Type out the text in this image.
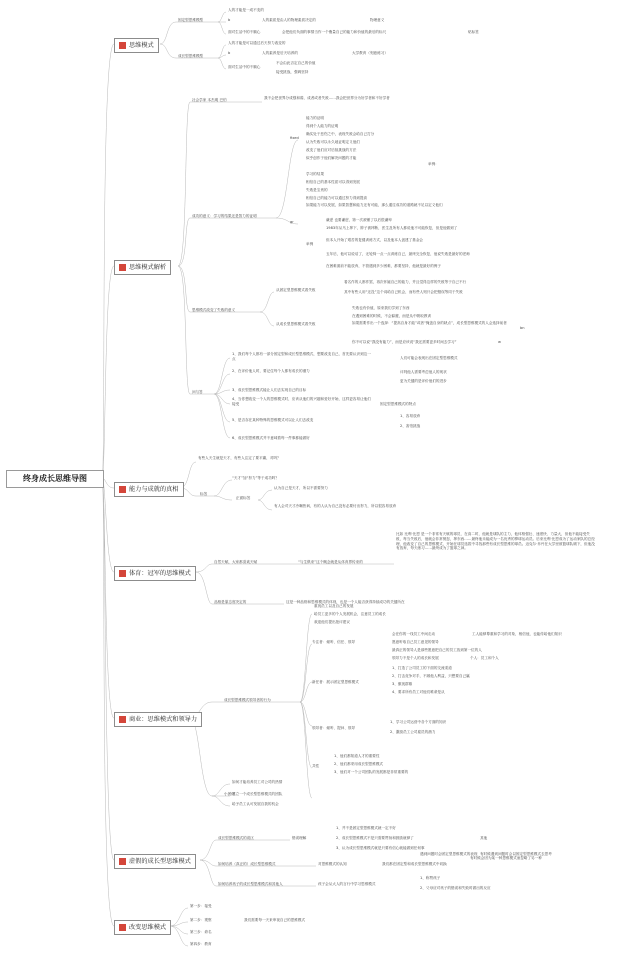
终身成长思维导图
思维模式
思维模式解析
能力与成就的真相
体育：冠军的思维模式
商业：思维模式和领导力
虚假的成长型思维模式
改变思维模式
固定型思维模型
人的才能是一成不变的
b	人的素质是由人的物理素质决定的	物理意义
面对生活中的不顺心	会把他们负面的事情当作一个衡量自己的能力和价值的最后的标尺	贴标签
成长型思维模型
人的才能是可以通过后天努力改变的
b	人的素养是后天培养的	大学教育（刻意练习）
面对生活中的不顺心
不会由此否定自己的价值
接受挑战，强调坚持
社会学家 本杰明 巴伯	我不会把世界分成强和弱，成者或者失败……我会把世界分为好学者和不好学者
成功的意义：学习的结果还是智力的证明
fixed
能力的证明
得到个人能力的证明
确实处于悲伤之中，表现失败会给自己打分
认为失败可以永久地证明定义他们
改变了他们应对后续挑战的方法
似乎创作于他们解决问题的才能
举例：
gr
学习的结果
相信自己的基本性质可以得到发展
失败是宝贵的
相信自己的能力可以通过努力得到提高
如果能力可以发展，如果智慧和能力还有可能，那么通往成功的道路就不足以定义他们
举例
谦虚 也要谦虚，第一次被锤了以后很谦卑
1983年从马上摔下，脖子被摔断，医生及所有人都说他不可能恢复，但是他做到了
但本人开始了艰苦的复健训练方式，以及他本人创建了基金会
五年后，他可以说话了，无轮椅一点一点训练自己，最终完全恢复，他说失败是最好的老师
在困难面前不能放弃，不管遇到多少困难，都要坚持，他就是最好的例子
思维模式改变了失败的意义
从固定型思维模式看失败
看名作的人都作罢，再次怀疑自己的能力，并且觉得这样的失败等于自己不行
其中有些人用“还没”这个词给自己机会，而有些人则只会把错误等同于失败
从成长型思维模式看失败
失败也有价值，原来我们学到了东西
在遇到困难的时候，不会躲避，而是从中吸取教训
如果需要作出一个选择：“提高自身才能”或者“掩盖自身的缺点”，成长型思维模式的人会选择前者
bn
你不可以说“我没有能力”，而是应该说“我还需要更多时间去学习”	w
问与答
1、我们每个人都有一部分固定型和成长型思维模式，想要改变自己，首先要认识到这一点	人们可能会表现出在固定型思维模式
2、在评价他人时，要记住每个人都有成长的潜力	评判他人需要考虑他人的现状
更为关键的是评价他们的进步
3、成长型思维模式能让人们去实现自己的目标
4、当你想改变一个人的思维模式时，应该从他们的兴趣和爱好开始，这样更容易让他们接受	固定型思维模式的特点
1、容易放弃
2、害怕挑战
5、是否存在某种特殊的思维模式可以让人们去改变
6、成长型思维模式并不意味着每一件事都能做好
有些人天生就是天才，有些人注定了要平庸，对吗？
“天才”加“努力”等于成功吗？
标签
正面标签
认为自己是天才，所以不需要努力
有人会对天才冷嘲热讽，有的人认为自己没有必要付出努力，所以很容易放弃
自然天赋，大家都喜欢天赋	“与生俱来”这个概念就是从体育界传来的
比如 比利·比恩 是一个非常有天赋的球员，在高二时，他就是球队的主力，他体格强壮、速度快、力量大，但他不能接受失败，每当失败后，他就会非常愤怒，摔东西……最终他未能成为一名优秀的棒球运动员。后来比利·比恩成为了运动家队的总经理，他改变了自己的思维模式，开始在球员选拔中寻找那些有成长型思维的球员。迈克尔·乔丹在大学里被篮球队刷下，但他没有放弃，每天练习……最终成为了篮球之神。
品格是靠态度决定的	这是一种品格和思维模式的体现，也是一个人能否获得持续成功的关键所在
成长型思维模式领导者的行为
重视员工以及自己的发展
给员工更多的个人发展机会，注意员工的成长
欢迎他们提出批评建议
专注者：倾听、信任、领导
会在你的一线员工中间走动	工人能够尊重和学习的对象，相信他，也能传给他们知识
愿意听取自己员工意见的领导
最真正的领导人是那些愿意把自己的员工放到第一位的人
领导力不是个人的成长和发展	个人：员工和个人
新任者：展示固定型思维模式
1、打造了公司员工的下面的交流渠道
2、打击竞争对手，不顾他人利益，只想要自己赢
3、傲视群雄
4、要求所有员工对他们唯命是从
领导者：倾听、提问、领导
1、学习公司运营中各个方面的知识
2、激励员工公司雇员的潜力
共性
1、他们都知道人才的重要性
2、他们都采用成长型思维模式
3、他们对一个公司团队的发展都是非常重要的
小团体
如何才能培养员工对公司的热情
建立一个成长型思维模式的团队
给予员工认可发展自我的机会
成长型思维模式的误区	错误理解
1、并不是固定型思维模式就一定不好
2、成长型思维模式不是只需要赞扬和鼓励就够了
3、认为成长型思维模式就是只要有信心就能做到任何事
其他
遇到问题时会固定型思维模式的表现 有时候遇到问题时会以固定型思维模式去思考
如何培养（真正的）成长型思维模式	对思维模式的认知	我们都在固定型和成长型思维模式中切换
有时候会因为某一种思维模式而忽略了另一种
如何培养孩子的成长型思维模式和其他人	孩子会从大人的言行中学习思维模式
1、称赞孩子
2、父母应对孩子的错误和失败时做出的反应
第一步：接受
第二步：观察
第三步：命名
第四步：教育
我们需要每一天来审视自己的思维模式
